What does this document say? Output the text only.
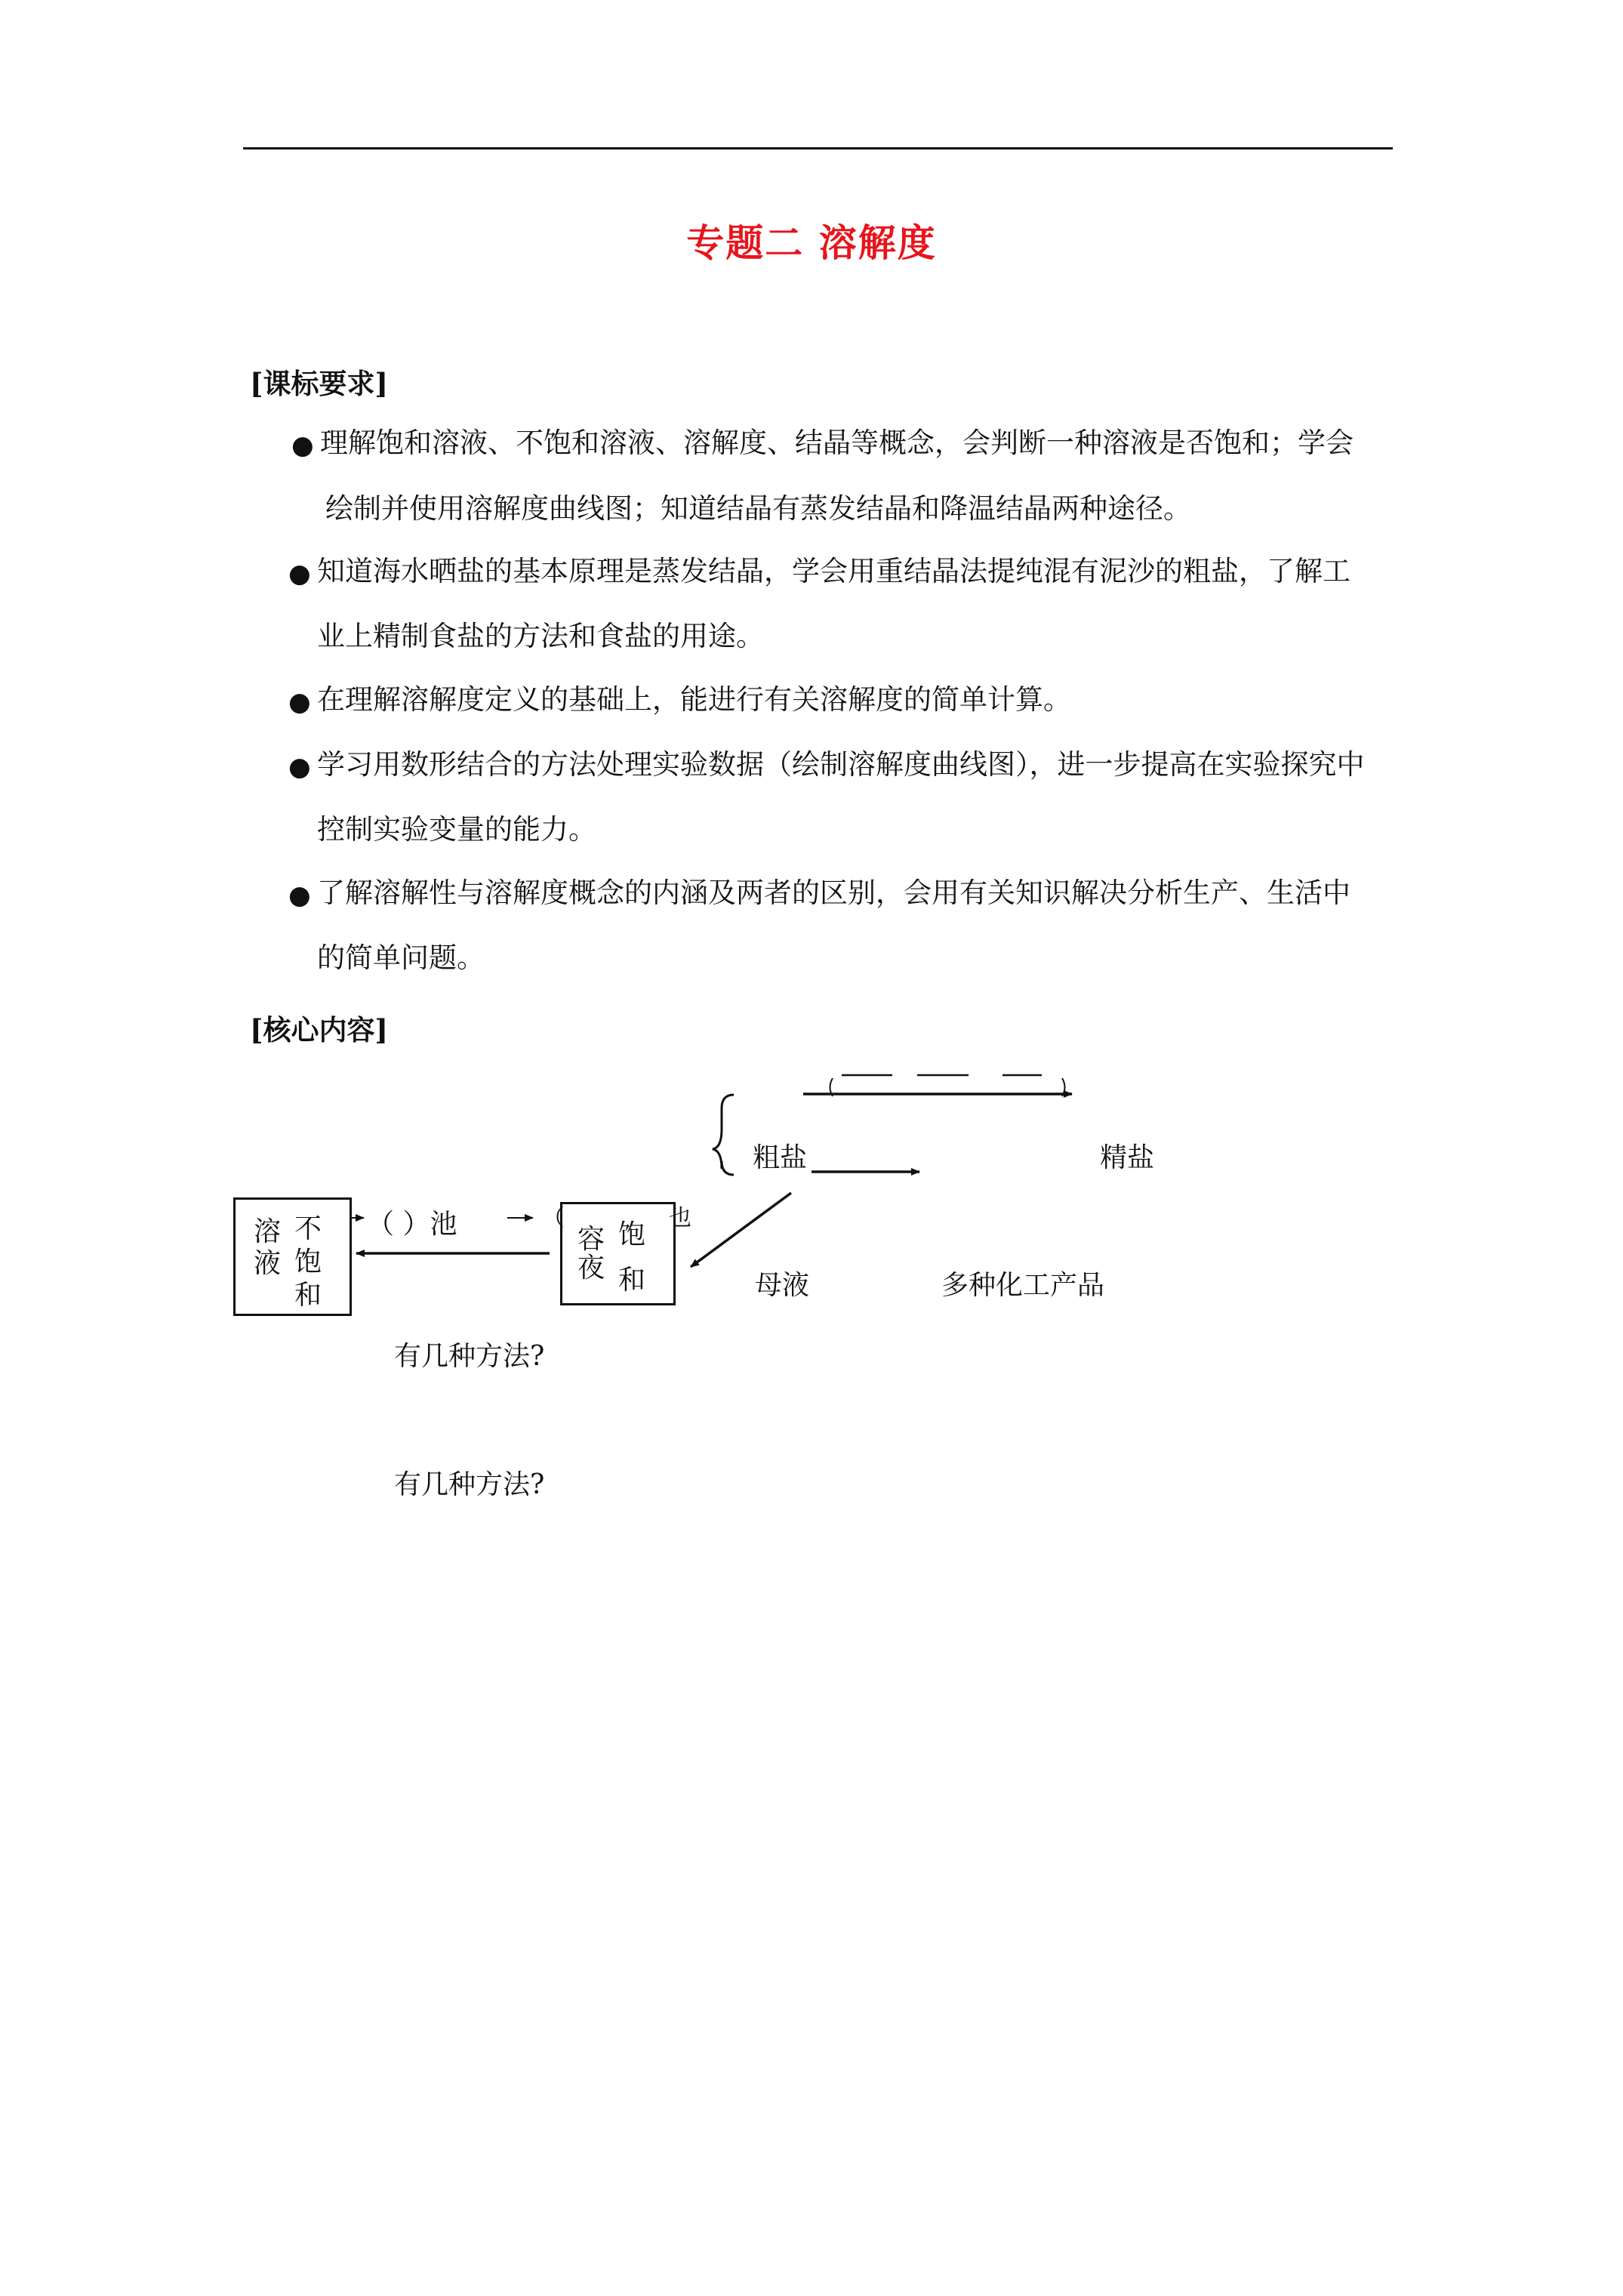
专题二 溶解度
[课标要求]
● 理解饱和溶液、不饱和溶液、溶解度、结晶等概念，会判断一种溶液是否饱和；学会
绘制并使用溶解度曲线图；知道结晶有蒸发结晶和降温结晶两种途径。
● 知道海水晒盐的基本原理是蒸发结晶，学会用重结晶法提纯混有泥沙的粗盐，了解工
业上精制食盐的方法和食盐的用途。
● 在理解溶解度定义的基础上，能进行有关溶解度的简单计算。
● 学习用数形结合的方法处理实验数据（绘制溶解度曲线图），进一步提高在实验探究中
控制实验变量的能力。
● 了解溶解性与溶解度概念的内涵及两者的区别，会用有关知识解决分析生产、生活中
的简单问题。
[核心内容]
溶
液
不
饱
和
容
夜
饱
和
（ ）池	（	也
粗盐	精盐
母液	多种化工产品
有几种方法?
有几种方法?
